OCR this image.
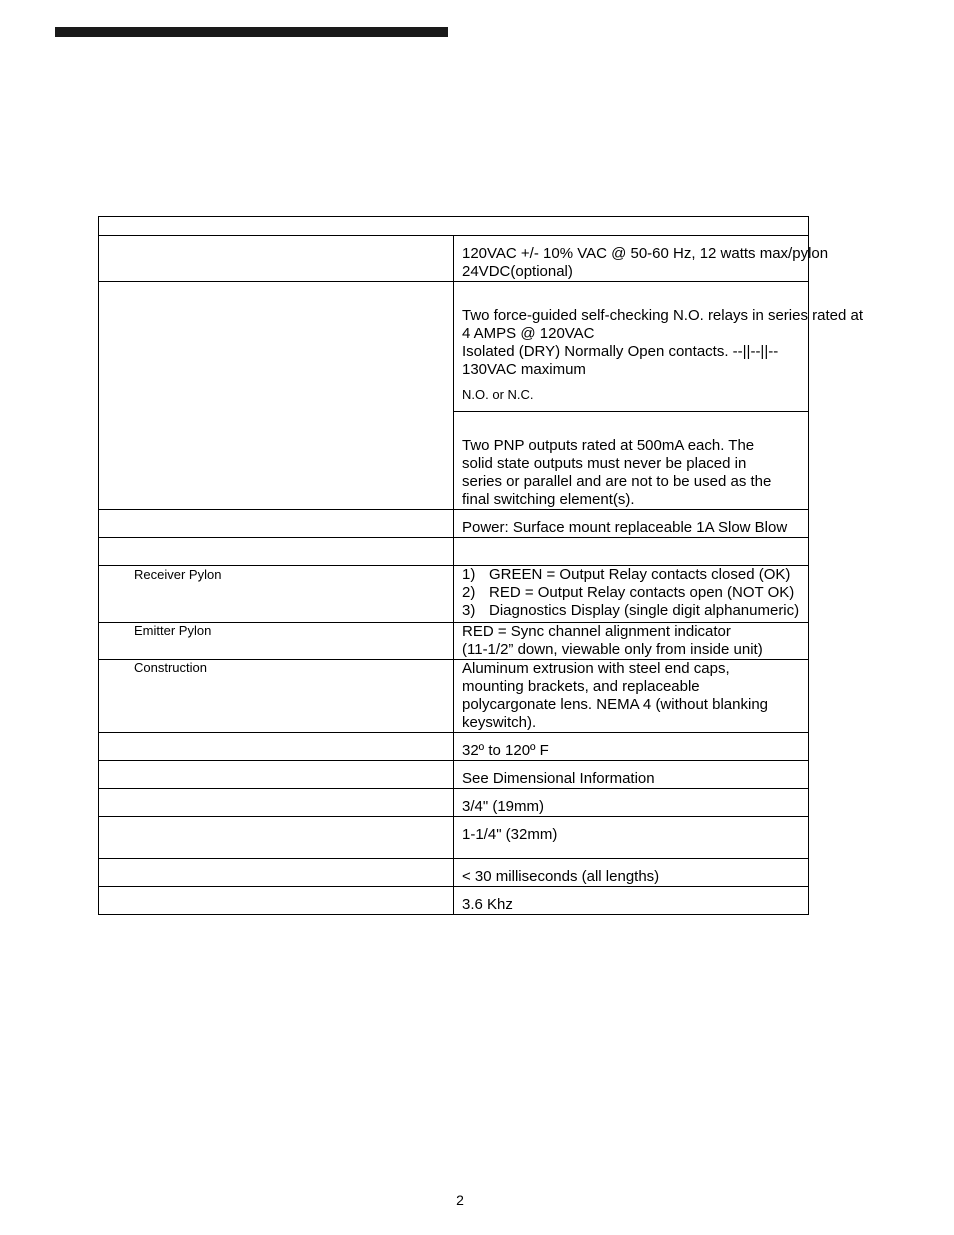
	120VAC +/- 10% VAC @ 50-60 Hz, 12 watts max/pylon
24VDC(optional)

	Two force-guided self-checking N.O. relays in series rated at
4 AMPS @ 120VAC
Isolated (DRY) Normally Open contacts. --||--||--
130VAC maximum
N.O. or N.C.

	Two PNP outputs rated at 500mA each. The solid state outputs must never be placed in series or parallel and are not to be used as the final switching element(s).

	Power: Surface mount replaceable 1A Slow Blow

Receiver Pylon	1) GREEN = Output Relay contacts closed (OK)
2) RED = Output Relay contacts open (NOT OK)
3) Diagnostics Display (single digit alphanumeric)

Emitter Pylon	RED = Sync channel alignment indicator
(11-1/2” down, viewable only from inside unit)

Construction	Aluminum extrusion with steel end caps, mounting brackets, and replaceable polycargonate lens. NEMA 4 (without blanking keyswitch).

	32º to 120º F

	See Dimensional Information

	3/4" (19mm)

	1-1/4" (32mm)

	< 30 milliseconds (all lengths)

	3.6 Khz
2
